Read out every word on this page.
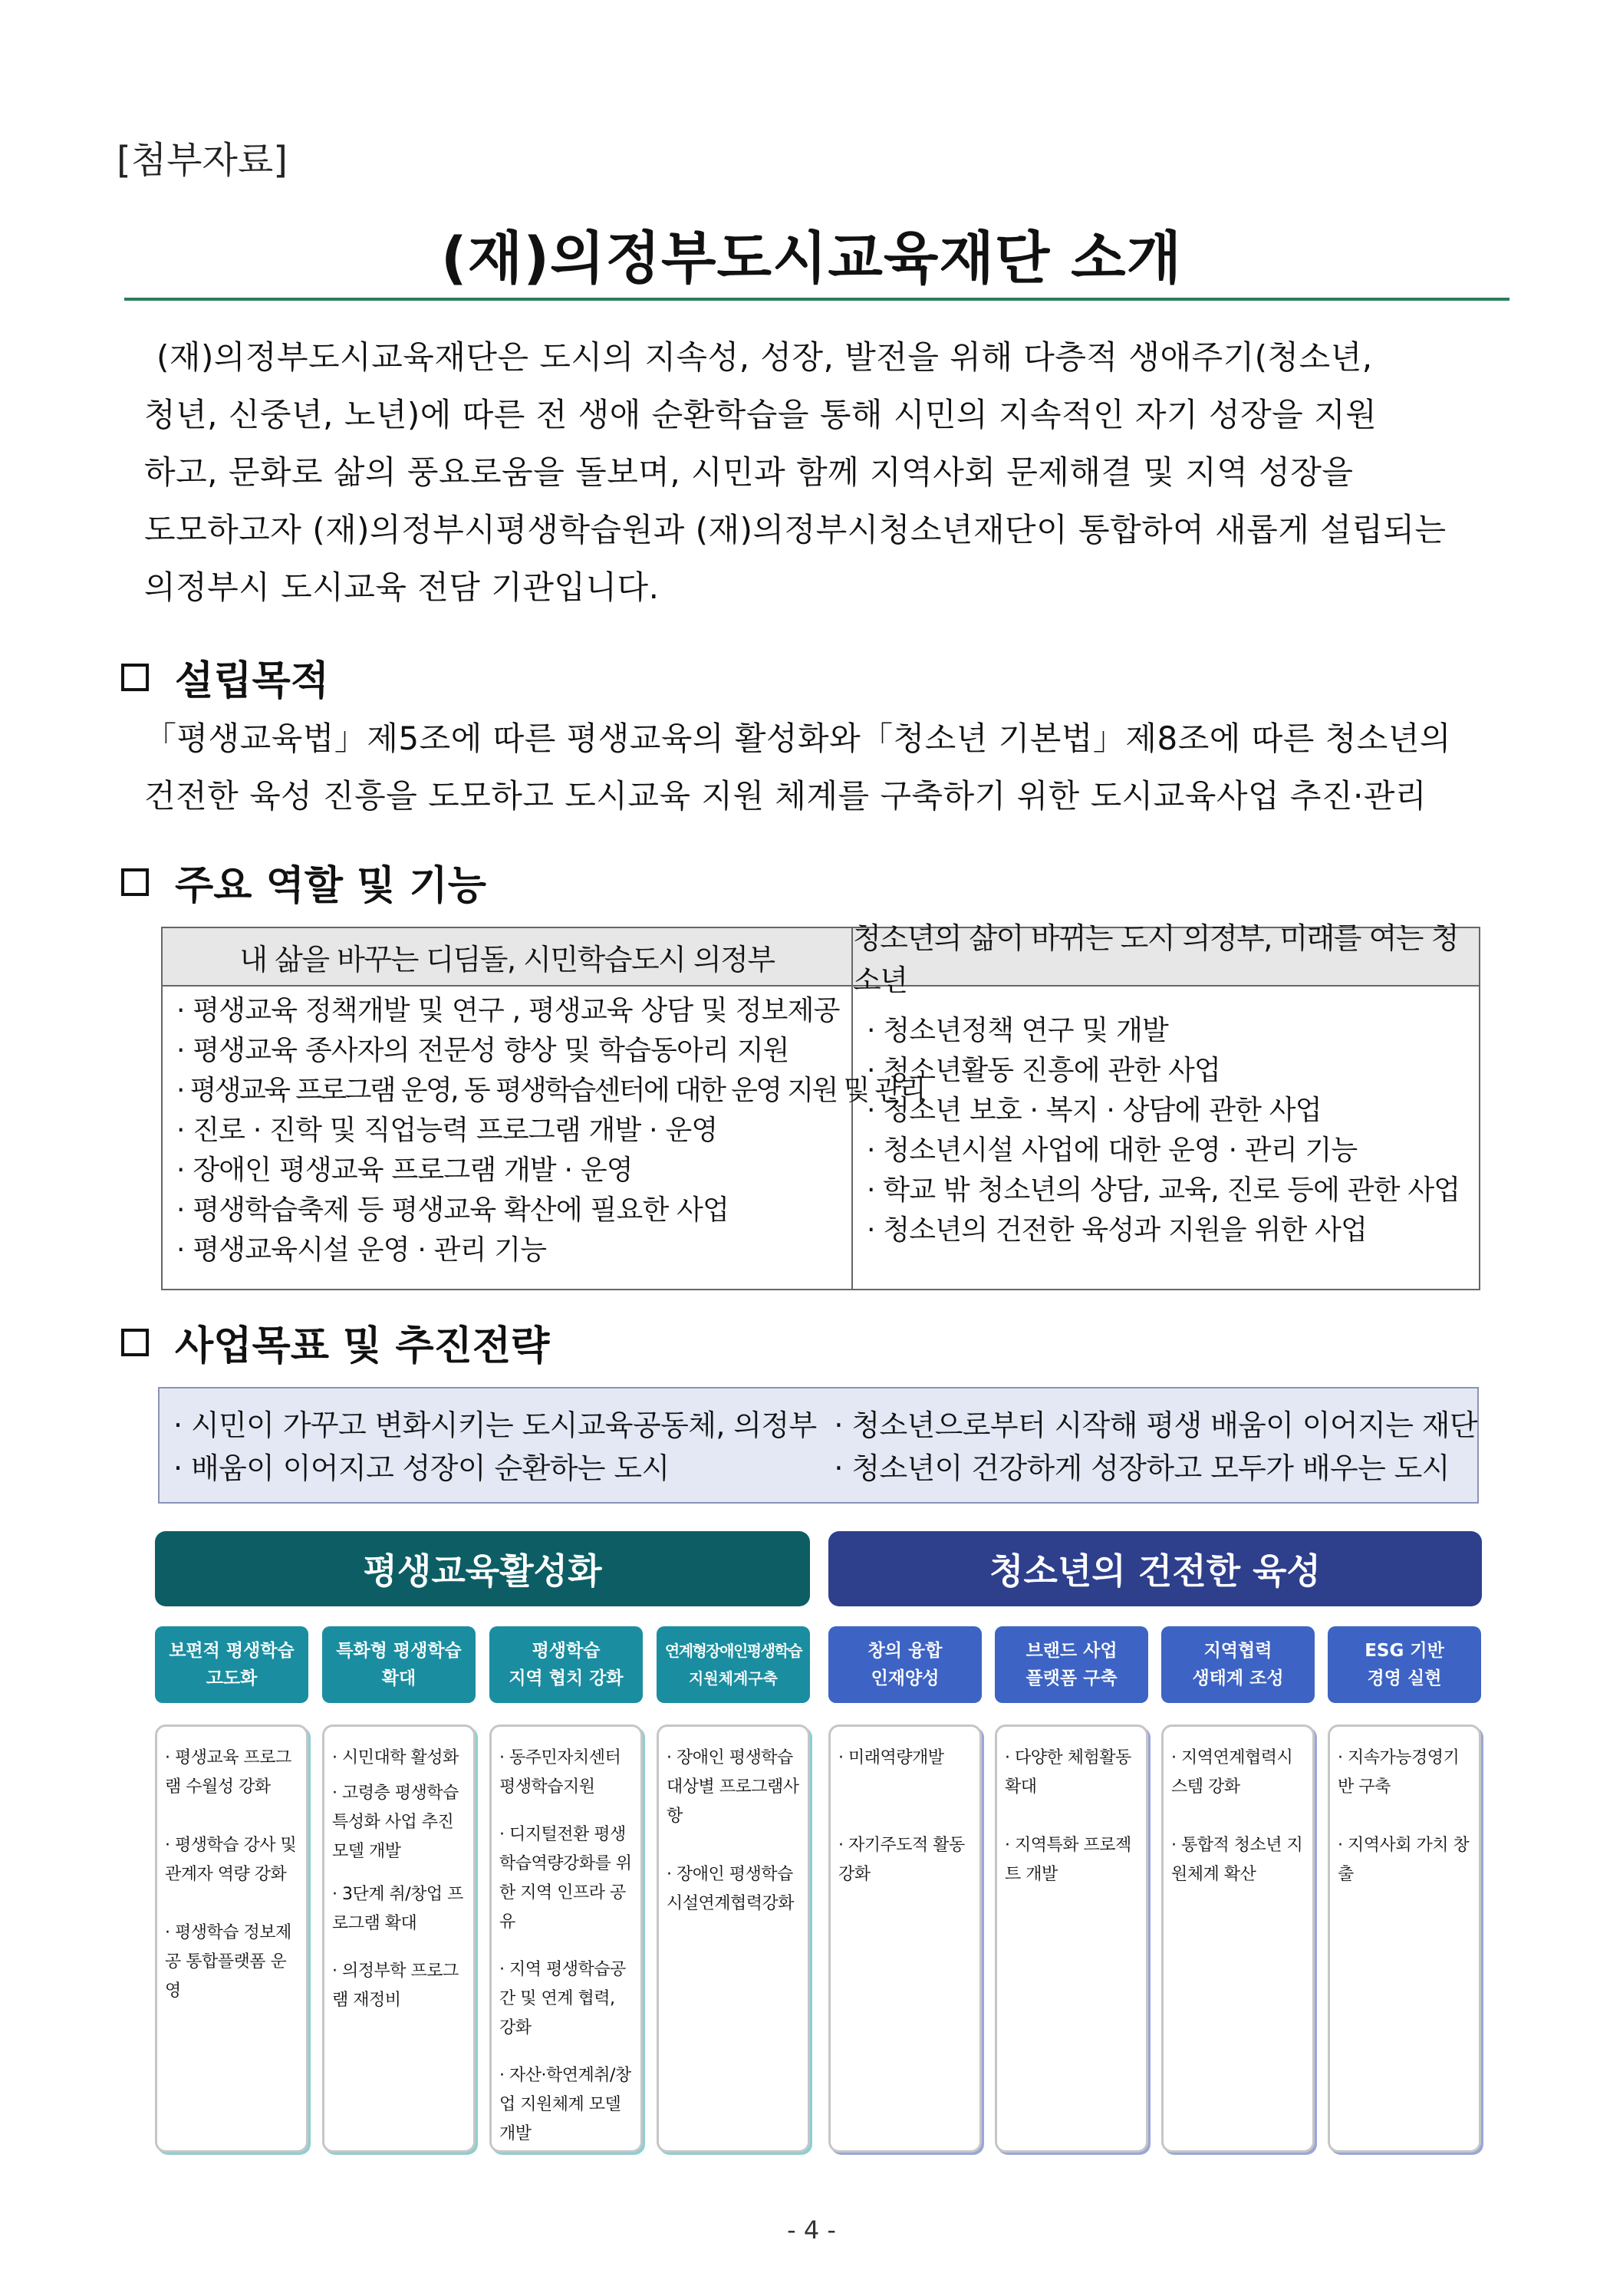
[첨부자료]
(재)의정부도시교육재단 소개
(재)의정부도시교육재단은 도시의 지속성, 성장, 발전을 위해 다층적 생애주기(청소년,
청년, 신중년, 노년)에 따른 전 생애 순환학습을 통해 시민의 지속적인 자기 성장을 지원
하고, 문화로 삶의 풍요로움을 돌보며, 시민과 함께 지역사회 문제해결 및 지역 성장을
도모하고자 (재)의정부시평생학습원과 (재)의정부시청소년재단이 통합하여 새롭게 설립되는
의정부시 도시교육 전담 기관입니다.
설립목적
「평생교육법」제5조에 따른 평생교육의 활성화와「청소년 기본법」제8조에 따른 청소년의
건전한 육성 진흥을 도모하고 도시교육 지원 체계를 구축하기 위한 도시교육사업 추진·관리
주요 역할 및 기능
내 삶을 바꾸는 디딤돌, 시민학습도시 의정부
청소년의 삶이 바뀌는 도시 의정부, 미래를 여는 청소년
· 평생교육 정책개발 및 연구 , 평생교육 상담 및 정보제공
· 평생교육 종사자의 전문성 향상 및 학습동아리 지원
· 평생교육 프로그램 운영, 동 평생학습센터에 대한 운영 지원 및 관리
· 진로 · 진학 및 직업능력 프로그램 개발 · 운영
· 장애인 평생교육 프로그램 개발 · 운영
· 평생학습축제 등 평생교육 확산에 필요한 사업
· 평생교육시설 운영 · 관리 기능
· 청소년정책 연구 및 개발
· 청소년활동 진흥에 관한 사업
· 청소년 보호 · 복지 · 상담에 관한 사업
· 청소년시설 사업에 대한 운영 · 관리 기능
· 학교 밖 청소년의 상담, 교육, 진로 등에 관한 사업
· 청소년의 건전한 육성과 지원을 위한 사업
사업목표 및 추진전략
· 시민이 가꾸고 변화시키는 도시교육공동체, 의정부
· 배움이 이어지고 성장이 순환하는 도시
· 청소년으로부터 시작해 평생 배움이 이어지는 재단
· 청소년이 건강하게 성장하고 모두가 배우는 도시
평생교육활성화	청소년의 건전한 육성
보편적 평생학습
고도화
특화형 평생학습
확대
평생학습
지역 협치 강화
연계형장애인평생학습
지원체계구축
창의 융합
인재양성
브랜드 사업
플랫폼 구축
지역협력
생태계 조성
ESG 기반
경영 실현
· 평생교육 프로그램 수월성 강화
· 평생학습 강사 및 관계자 역량 강화
· 평생학습 정보제공 통합플랫폼 운영
· 시민대학 활성화
· 고령층 평생학습 특성화 사업 추진 모델 개발
· 3단계 취/창업 프로그램 확대
· 의정부학 프로그램 재정비
· 동주민자치센터 평생학습지원
· 디지털전환 평생학습역량강화를 위한 지역 인프라 공유
· 지역 평생학습공간 및 연계 협력, 강화
· 자산·학연계취/창업 지원체계 모델 개발
· 장애인 평생학습 대상별 프로그램사항
· 장애인 평생학습 시설연계협력강화
· 미래역량개발
· 자기주도적 활동강화
· 다양한 체험활동 확대
· 지역특화 프로젝트 개발
· 지역연계협력시스템 강화
· 통합적 청소년 지원체계 확산
· 지속가능경영기반 구축
· 지역사회 가치 창출
- 4 -
